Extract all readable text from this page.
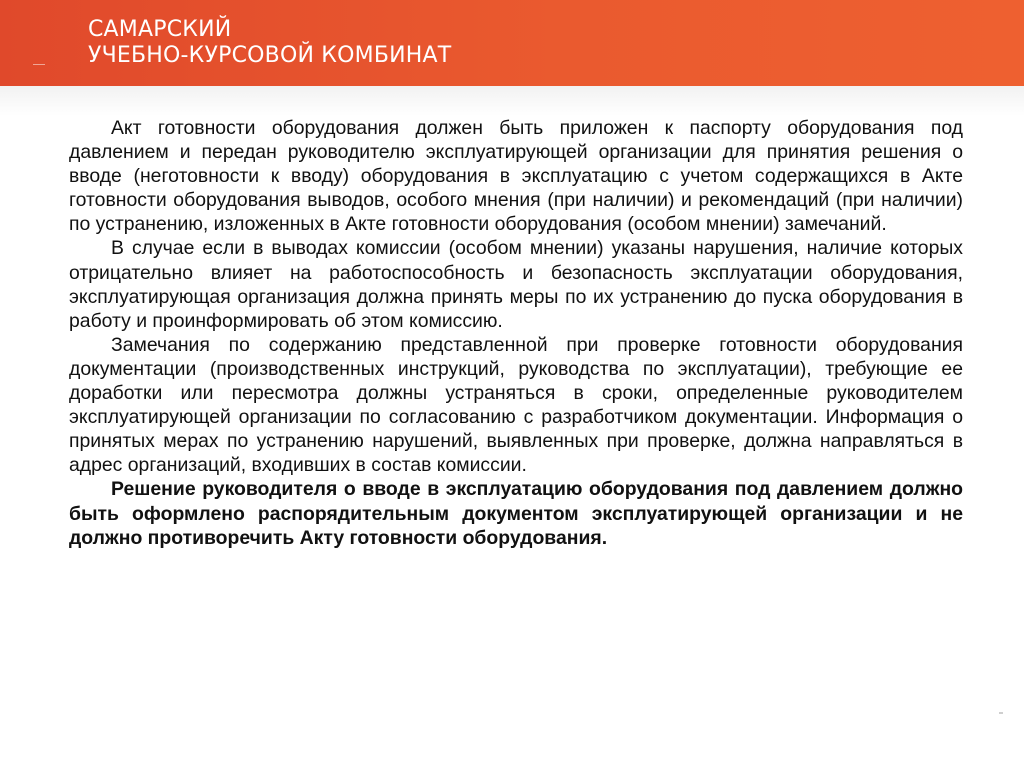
САМАРСКИЙ
УЧЕБНО-КУРСОВОЙ КОМБИНАТ

Акт готовности оборудования должен быть приложен к паспорту оборудования под давлением и передан руководителю эксплуатирующей организации для принятия решения о вводе (неготовности к вводу) оборудования в эксплуатацию с учетом содержащихся в Акте готовности оборудования выводов, особого мнения (при наличии) и рекомендаций (при наличии) по устранению, изложенных в Акте готовности оборудования (особом мнении) замечаний.

В случае если в выводах комиссии (особом мнении) указаны нарушения, наличие которых отрицательно влияет на работоспособность и безопасность эксплуатации оборудования, эксплуатирующая организация должна принять меры по их устранению до пуска оборудования в работу и проинформировать об этом комиссию.

Замечания по содержанию представленной при проверке готовности оборудования документации (производственных инструкций, руководства по эксплуатации), требующие ее доработки или пересмотра должны устраняться в сроки, определенные руководителем эксплуатирующей организации по согласованию с разработчиком документации. Информация о принятых мерах по устранению нарушений, выявленных при проверке, должна направляться в адрес организаций, входивших в состав комиссии.

Решение руководителя о вводе в эксплуатацию оборудования под давлением должно быть оформлено распорядительным документом эксплуатирующей организации и не должно противоречить Акту готовности оборудования.
